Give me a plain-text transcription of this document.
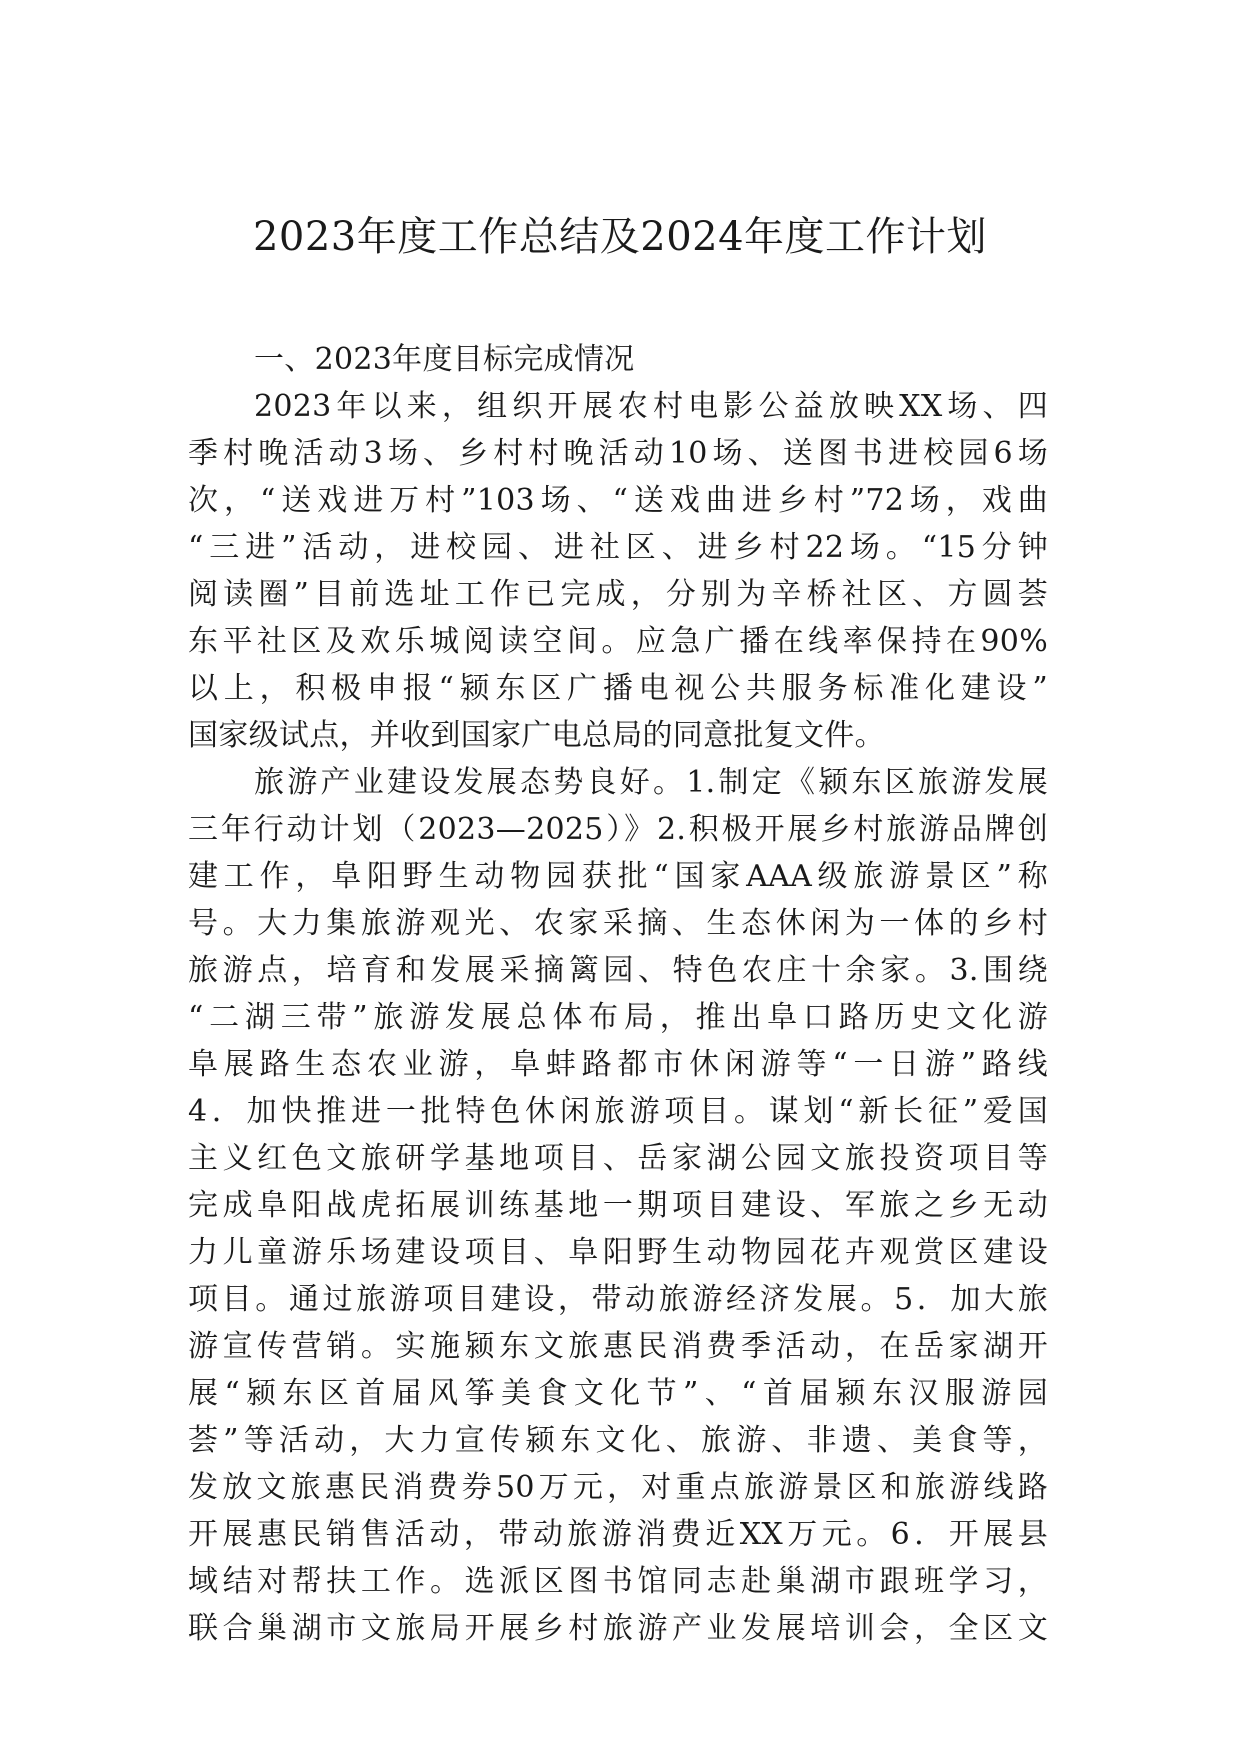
2023年度工作总结及2024年度工作计划
一、2023年度目标完成情况
2023年以来，组织开展农村电影公益放映XX场、四
季村晚活动3场、乡村村晚活动10场、送图书进校园6场
次，“送戏进万村”103场、“送戏曲进乡村”72场，戏曲
“三进”活动，进校园、进社区、进乡村22场。“15分钟
阅读圈”目前选址工作已完成，分别为辛桥社区、方圆荟
东平社区及欢乐城阅读空间。应急广播在线率保持在90%
以上，积极申报“颍东区广播电视公共服务标准化建设”
国家级试点，并收到国家广电总局的同意批复文件。
旅游产业建设发展态势良好。1.制定《颍东区旅游发展
三年行动计划（2023—2025）》2.积极开展乡村旅游品牌创
建工作，阜阳野生动物园获批“国家AAA级旅游景区”称
号。大力集旅游观光、农家采摘、生态休闲为一体的乡村
旅游点，培育和发展采摘篱园、特色农庄十余家。3.围绕
“二湖三带”旅游发展总体布局，推出阜口路历史文化游
阜展路生态农业游，阜蚌路都市休闲游等“一日游”路线
4．加快推进一批特色休闲旅游项目。谋划“新长征”爱国
主义红色文旅研学基地项目、岳家湖公园文旅投资项目等
完成阜阳战虎拓展训练基地一期项目建设、军旅之乡无动
力儿童游乐场建设项目、阜阳野生动物园花卉观赏区建设
项目。通过旅游项目建设，带动旅游经济发展。5．加大旅
游宣传营销。实施颍东文旅惠民消费季活动，在岳家湖开
展“颍东区首届风筝美食文化节”、“首届颍东汉服游园
荟”等活动，大力宣传颍东文化、旅游、非遗、美食等，
发放文旅惠民消费券50万元，对重点旅游景区和旅游线路
开展惠民销售活动，带动旅游消费近XX万元。6．开展县
域结对帮扶工作。选派区图书馆同志赴巢湖市跟班学习，
联合巢湖市文旅局开展乡村旅游产业发展培训会，全区文
